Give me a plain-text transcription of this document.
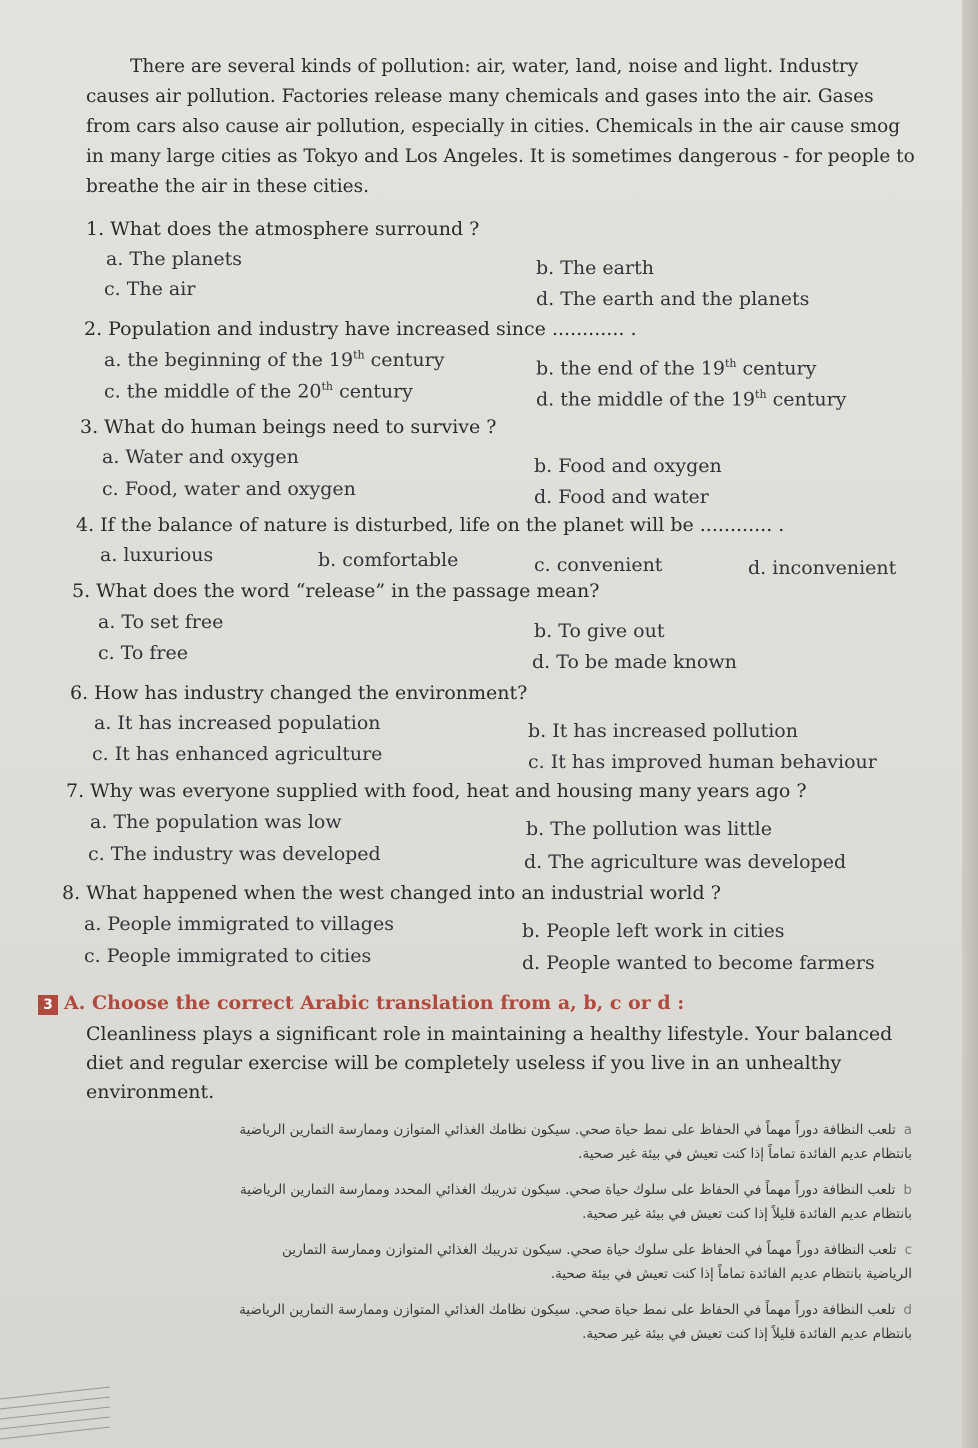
There are several kinds of pollution: air, water, land, noise and light. Industry causes air pollution. Factories release many chemicals and gases into the air. Gases from cars also cause air pollution, especially in cities. Chemicals in the air cause smog in many large cities as Tokyo and Los Angeles. It is sometimes dangerous - for people to breathe the air in these cities.

1. What does the atmosphere surround ?
a. The planets	b. The earth
c. The air	d. The earth and the planets
2. Population and industry have increased since ............ .
a. the beginning of the 19th century	b. the end of the 19th century
c. the middle of the 20th century	d. the middle of the 19th century
3. What do human beings need to survive ?
a. Water and oxygen	b. Food and oxygen
c. Food, water and oxygen	d. Food and water
4. If the balance of nature is disturbed, life on the planet will be ............ .
a. luxurious	b. comfortable	c. convenient	d. inconvenient
5. What does the word “release” in the passage mean?
a. To set free	b. To give out
c. To free	d. To be made known
6. How has industry changed the environment?
a. It has increased population	b. It has increased pollution
c. It has enhanced agriculture	c. It has improved human behaviour
7. Why was everyone supplied with food, heat and housing many years ago ?
a. The population was low	b. The pollution was little
c. The industry was developed	d. The agriculture was developed
8. What happened when the west changed into an industrial world ?
a. People immigrated to villages	b. People left work in cities
c. People immigrated to cities	d. People wanted to become farmers
3 A. Choose the correct Arabic translation from a, b, c or d :
Cleanliness plays a significant role in maintaining a healthy lifestyle. Your balanced diet and regular exercise will be completely useless if you live in an unhealthy environment.
aتلعب النظافة دوراً مهماً في الحفاظ على نمط حياة صحي. سيكون نظامك الغذائي المتوازن وممارسة التمارين الرياضية
بانتظام عديم الفائدة تماماً إذا كنت تعيش في بيئة غير صحية.
bتلعب النظافة دوراً مهماً في الحفاظ على سلوك حياة صحي. سيكون تدريبك الغذائي المحدد وممارسة التمارين الرياضية
بانتظام عديم الفائدة قليلاً إذا كنت تعيش في بيئة غير صحية.
cتلعب النظافة دوراً مهماً في الحفاظ على سلوك حياة صحي. سيكون تدريبك الغذائي المتوازن وممارسة التمارين
الرياضية بانتظام عديم الفائدة تماماً إذا كنت تعيش في بيئة صحية.
dتلعب النظافة دوراً مهماً في الحفاظ على نمط حياة صحي. سيكون نظامك الغذائي المتوازن وممارسة التمارين الرياضية
بانتظام عديم الفائدة قليلاً إذا كنت تعيش في بيئة غير صحية.
